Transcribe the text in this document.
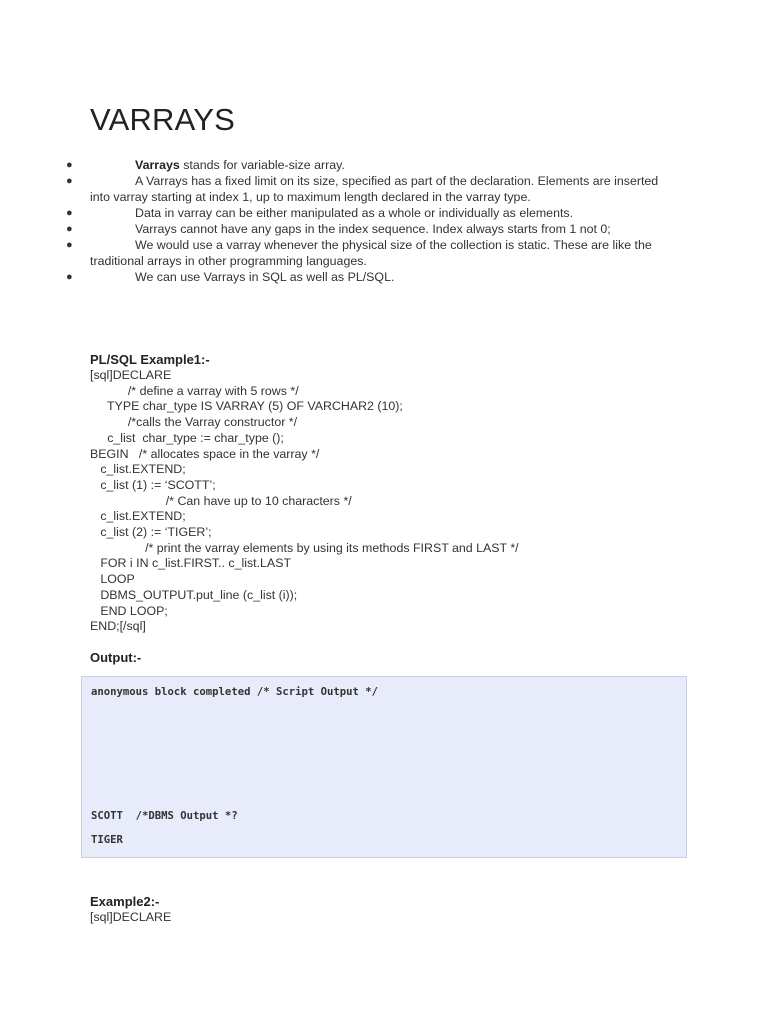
VARRAYS
●	Varrays stands for variable-size array.
●	A Varrays has a fixed limit on its size, specified as part of the declaration. Elements are inserted into varray starting at index 1, up to maximum length declared in the varray type.
●	Data in varray can be either manipulated as a whole or individually as elements.
●	Varrays cannot have any gaps in the index sequence. Index always starts from 1 not 0;
●	We would use a varray whenever the physical size of the collection is static. These are like the traditional arrays in other programming languages.
●	We can use Varrays in SQL as well as PL/SQL.
PL/SQL Example1:-
[sql]DECLARE
/* define a varray with 5 rows */
TYPE char_type IS VARRAY (5) OF VARCHAR2 (10);
/*calls the Varray constructor */
c_list  char_type := char_type ();
BEGIN   /* allocates space in the varray */
c_list.EXTEND;
c_list (1) := ‘SCOTT’;
/* Can have up to 10 characters */
c_list.EXTEND;
c_list (2) := ‘TIGER’;
/* print the varray elements by using its methods FIRST and LAST */
FOR i IN c_list.FIRST.. c_list.LAST
LOOP
DBMS_OUTPUT.put_line (c_list (i));
END LOOP;
END;[/sql]
Output:-
anonymous block completed /* Script Output */
SCOTT  /*DBMS Output *?
TIGER
Example2:-
[sql]DECLARE
